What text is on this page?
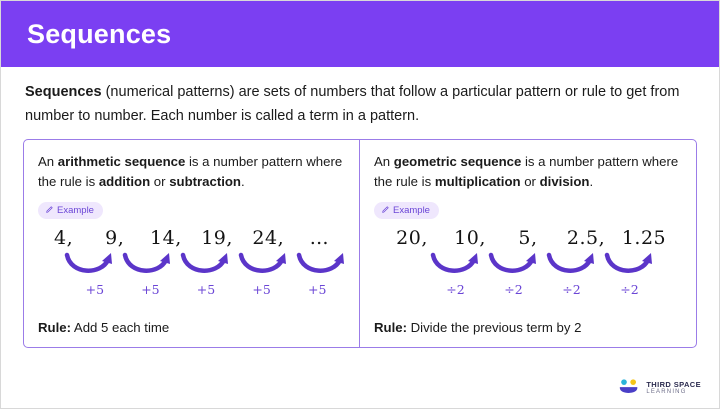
Sequences
Sequences (numerical patterns) are sets of numbers that follow a particular pattern or rule to get from number to number. Each number is called a term in a pattern.
An arithmetic sequence is a number pattern where the rule is addition or subtraction.
Example
4,	9,	14,	19,	24,	…
+5	+5	+5	+5	+5
Rule: Add 5 each time
An geometric sequence is a number pattern where the rule is multiplication or division.
Example
20,	10,	5,	2.5, 1.25
÷2	÷2	÷2	÷2
Rule: Divide the previous term by 2
THIRD SPACE
LEARNING
